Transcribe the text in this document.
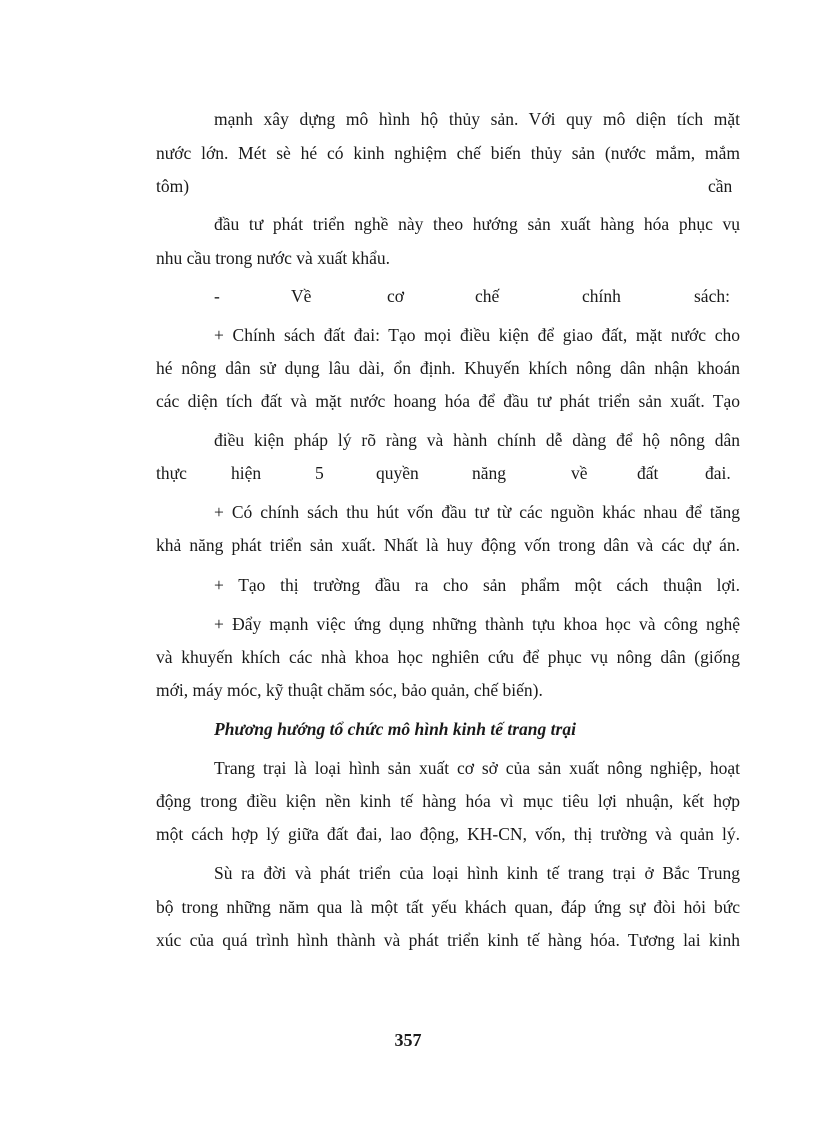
mạnh xây dựng mô hình hộ thủy sản. Với quy mô diện tích mặt
nước lớn. Mét sè hé có kinh nghiệm chế biến thủy sản (nước mắm, mắm
tôm)	cần
đầu tư phát triển nghề này theo hướng sản xuất hàng hóa phục vụ
nhu cầu trong nước và xuất khẩu.
-	Về	cơ	chế	chính	sách:
+ Chính sách đất đai: Tạo mọi điều kiện để giao đất, mặt nước cho
hé nông dân sử dụng lâu dài, ổn định. Khuyến khích nông dân nhận khoán
các diện tích đất và mặt nước hoang hóa để đầu tư phát triển sản xuất. Tạo
điều kiện pháp lý rõ ràng và hành chính dễ dàng để hộ nông dân
thực	hiện	5	quyền	năng	về	đất	đai.
+ Có chính sách thu hút vốn đầu tư từ các nguồn khác nhau để tăng
khả năng phát triển sản xuất. Nhất là huy động vốn trong dân và các dự án.
+ Tạo thị trường đầu ra cho sản phẩm một cách thuận lợi.
+ Đẩy mạnh việc ứng dụng những thành tựu khoa học và công nghệ
và khuyến khích các nhà khoa học nghiên cứu để phục vụ nông dân (giống
mới, máy móc, kỹ thuật chăm sóc, bảo quản, chế biến).
Phương hướng tổ chức mô hình kinh tế trang trại
Trang trại là loại hình sản xuất cơ sở của sản xuất nông nghiệp, hoạt
động trong điều kiện nền kinh tế hàng hóa vì mục tiêu lợi nhuận, kết hợp
một cách hợp lý giữa đất đai, lao động, KH-CN, vốn, thị trường và quản lý.
Sù ra đời và phát triển của loại hình kinh tế trang trại ở Bắc Trung
bộ trong những năm qua là một tất yếu khách quan, đáp ứng sự đòi hỏi bức
xúc của quá trình hình thành và phát triển kinh tế hàng hóa. Tương lai kinh
357
